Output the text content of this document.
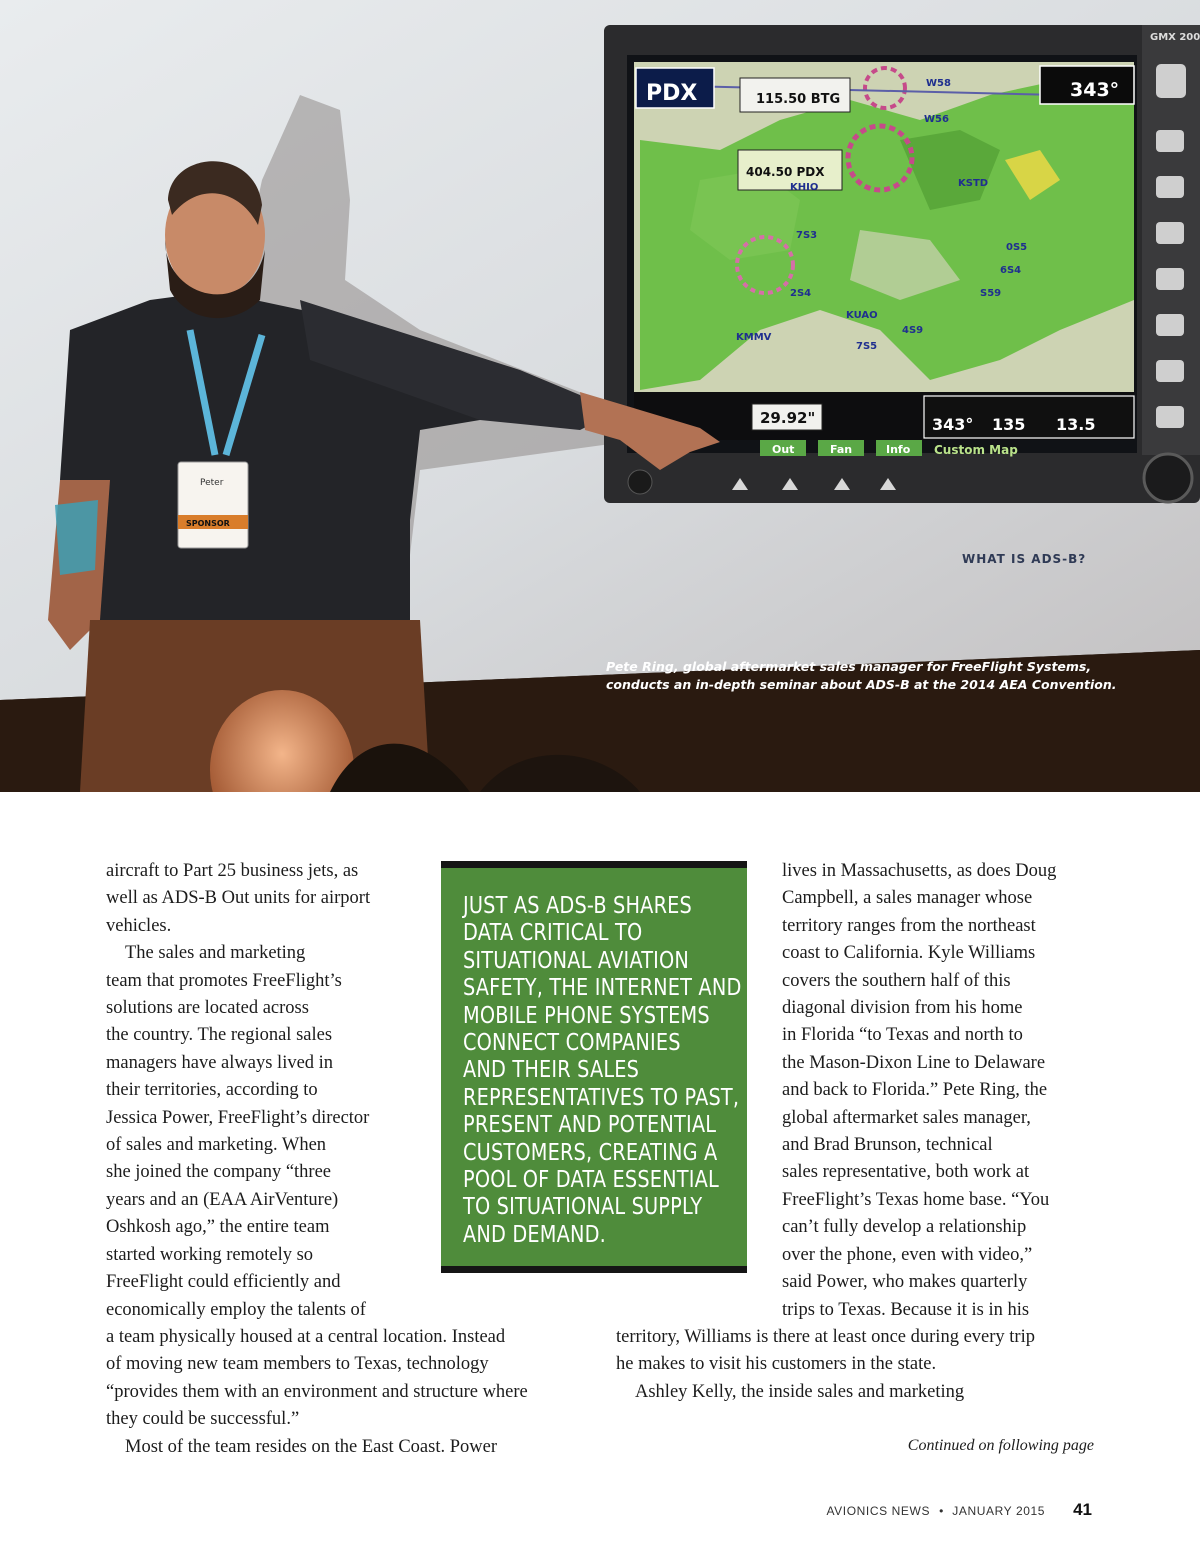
PDX	115.50 BTG
404.50 PDX
343°
W58
W56
KSTD
KHIO
7S3
KUAO
4S9
S59
KMMV
7S5
2S4
6S4
0S5
29.92"	343° 135 13.5
Out	Fan	Info Custom Map
GMX 200
Peter
SPONSOR
WHAT IS ADS-B?
Pete Ring, global aftermarket sales manager for FreeFlight Systems,
conducts an in-depth seminar about ADS-B at the 2014 AEA Convention.
aircraft to Part 25 business jets, as
well as ADS-B Out units for airport
vehicles.
The sales and marketing
team that promotes FreeFlight’s
solutions are located across
the country. The regional sales
managers have always lived in
their territories, according to
Jessica Power, FreeFlight’s director
of sales and marketing. When
she joined the company “three
years and an (EAA AirVenture)
Oshkosh ago,” the entire team
started working remotely so
FreeFlight could efficiently and
economically employ the talents of
a team physically housed at a central location. Instead
of moving new team members to Texas, technology
“provides them with an environment and structure where
they could be successful.”
Most of the team resides on the East Coast. Power
lives in Massachusetts, as does Doug
Campbell, a sales manager whose
territory ranges from the northeast
coast to California. Kyle Williams
covers the southern half of this
diagonal division from his home
in Florida “to Texas and north to
the Mason-Dixon Line to Delaware
and back to Florida.” Pete Ring, the
global aftermarket sales manager,
and Brad Brunson, technical
sales representative, both work at
FreeFlight’s Texas home base. “You
can’t fully develop a relationship
over the phone, even with video,”
said Power, who makes quarterly
trips to Texas. Because it is in his
territory, Williams is there at least once during every trip
he makes to visit his customers in the state.
Ashley Kelly, the inside sales and marketing
JUST AS ADS-B SHARES
DATA CRITICAL TO
SITUATIONAL AVIATION
SAFETY, THE INTERNET AND
MOBILE PHONE SYSTEMS
CONNECT COMPANIES
AND THEIR SALES
REPRESENTATIVES TO PAST,
PRESENT AND POTENTIAL
CUSTOMERS, CREATING A
POOL OF DATA ESSENTIAL
TO SITUATIONAL SUPPLY
AND DEMAND.
Continued on following page
AVIONICS NEWS • JANUARY 2015 41
